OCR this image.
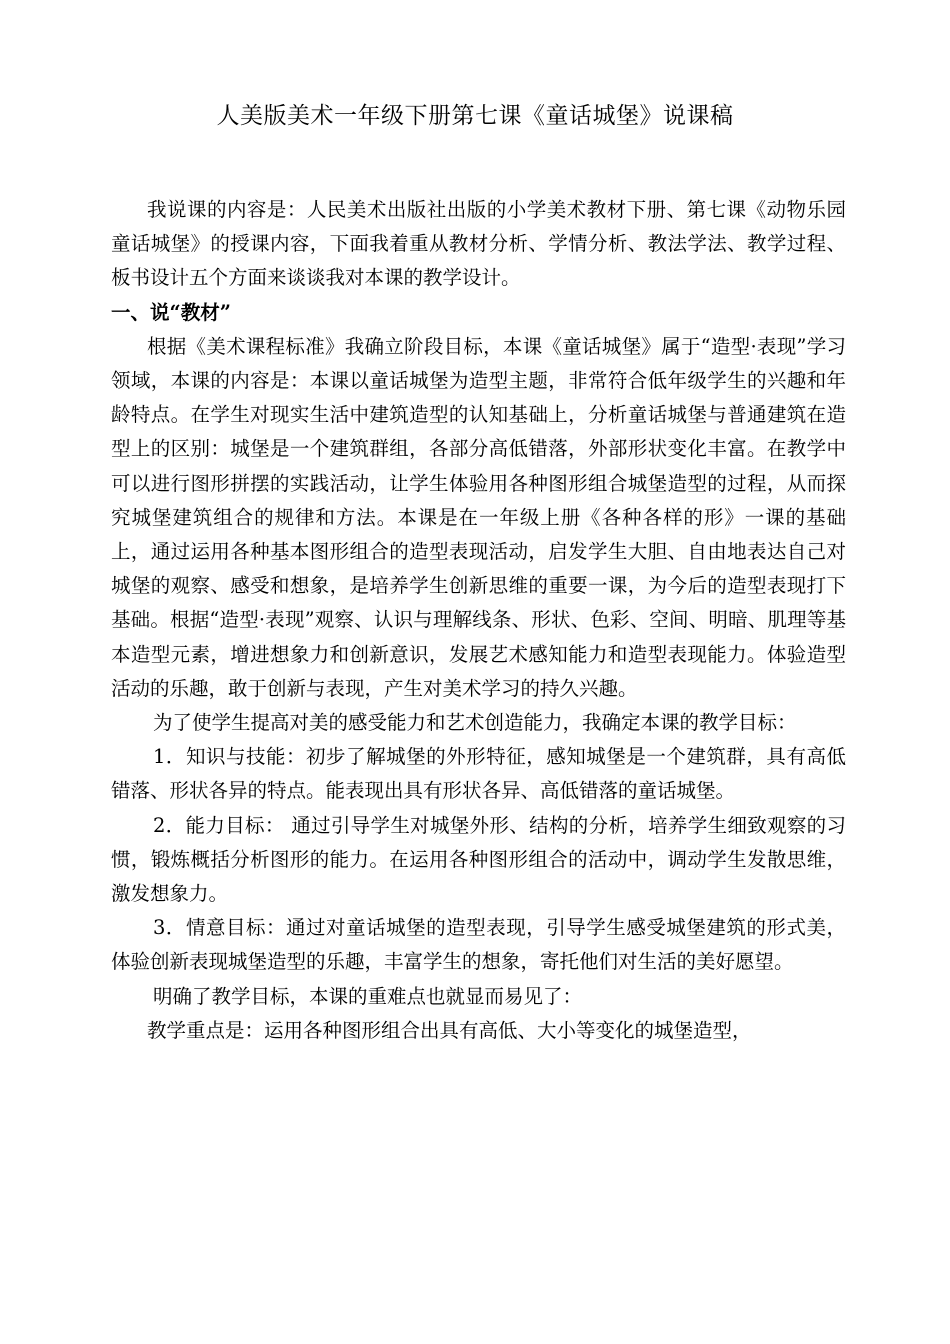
人美版美术一年级下册第七课《童话城堡》说课稿

我说课的内容是：人民美术出版社出版的小学美术教材下册、第七课《动物乐园童话城堡》的授课内容，下面我着重从教材分析、学情分析、教法学法、教学过程、板书设计五个方面来谈谈我对本课的教学设计。

一、说“教材”

根据《美术课程标准》我确立阶段目标，本课《童话城堡》属于“造型·表现”学习领域，本课的内容是：本课以童话城堡为造型主题，非常符合低年级学生的兴趣和年龄特点。在学生对现实生活中建筑造型的认知基础上，分析童话城堡与普通建筑在造型上的区别：城堡是一个建筑群组，各部分高低错落，外部形状变化丰富。在教学中可以进行图形拼摆的实践活动，让学生体验用各种图形组合城堡造型的过程，从而探究城堡建筑组合的规律和方法。本课是在一年级上册《各种各样的形》一课的基础上，通过运用各种基本图形组合的造型表现活动，启发学生大胆、自由地表达自己对城堡的观察、感受和想象，是培养学生创新思维的重要一课，为今后的造型表现打下基础。根据“造型·表现”观察、认识与理解线条、形状、色彩、空间、明暗、肌理等基本造型元素，增进想象力和创新意识，发展艺术感知能力和造型表现能力。体验造型活动的乐趣，敢于创新与表现，产生对美术学习的持久兴趣。

为了使学生提高对美的感受能力和艺术创造能力，我确定本课的教学目标：

1．知识与技能：初步了解城堡的外形特征，感知城堡是一个建筑群，具有高低错落、形状各异的特点。能表现出具有形状各异、高低错落的童话城堡。

2．能力目标： 通过引导学生对城堡外形、结构的分析，培养学生细致观察的习惯，锻炼概括分析图形的能力。在运用各种图形组合的活动中，调动学生发散思维，激发想象力。

3．情意目标：通过对童话城堡的造型表现，引导学生感受城堡建筑的形式美，体验创新表现城堡造型的乐趣，丰富学生的想象，寄托他们对生活的美好愿望。

明确了教学目标，本课的重难点也就显而易见了：

教学重点是：运用各种图形组合出具有高低、大小等变化的城堡造型，
